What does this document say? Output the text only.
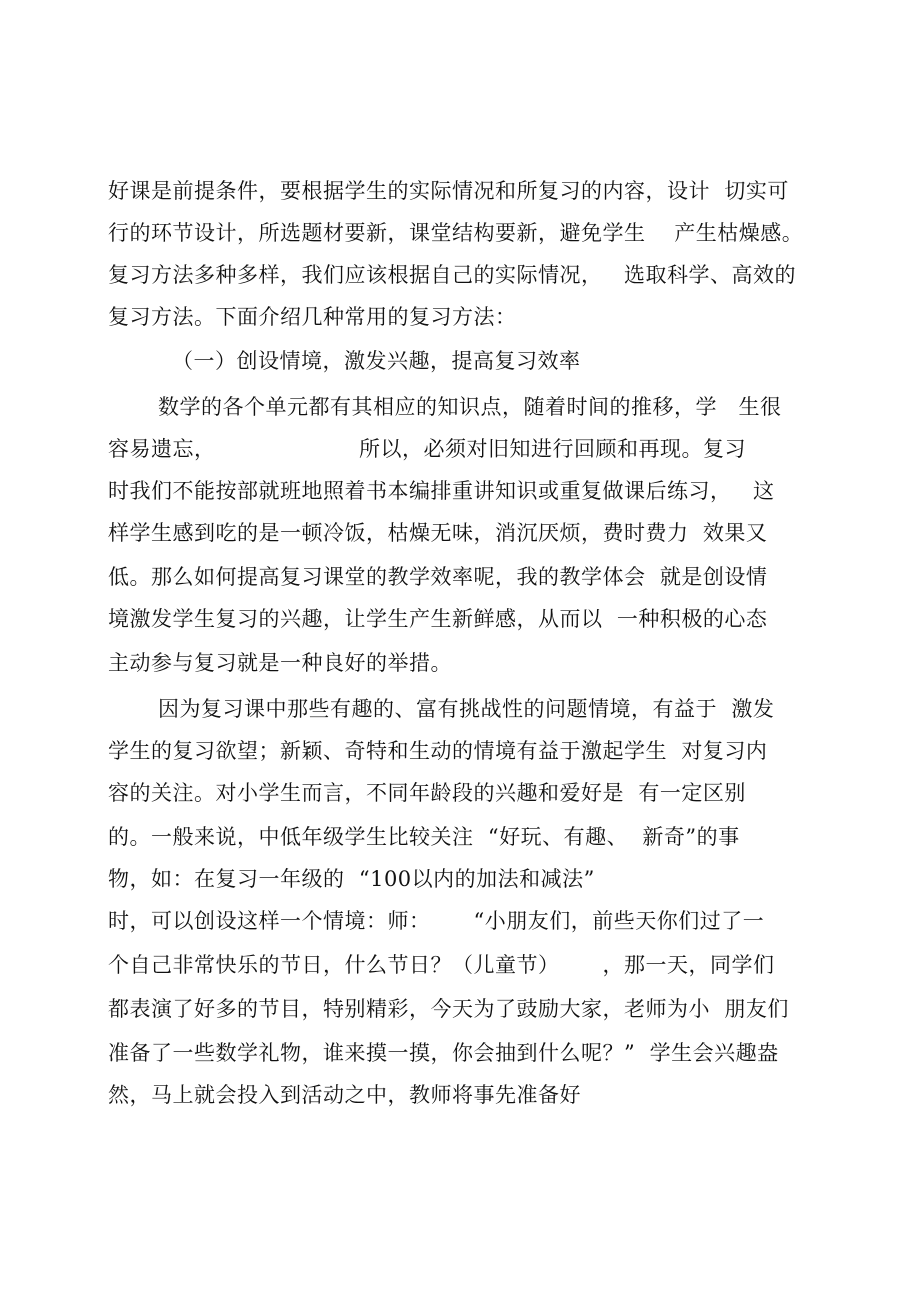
好课是前提条件，要根据学生的实际情况和所复习的内容，设计  切实可
行的环节设计，所选题材要新，课堂结构要新，避免学生    产生枯燥感。
复习方法多种多样，我们应该根据自己的实际情况，   选取科学、高效的
复习方法。下面介绍几种常用的复习方法：
（一）创设情境，激发兴趣，提高复习效率
数学的各个单元都有其相应的知识点，随着时间的推移，学   生很
容易遗忘，                    所以，必须对旧知进行回顾和再现。复习
时我们不能按部就班地照着书本编排重讲知识或重复做课后练习，   这
样学生感到吃的是一顿冷饭，枯燥无味，消沉厌烦，费时费力  效果又
低。那么如何提高复习课堂的教学效率呢，我的教学体会  就是创设情
境激发学生复习的兴趣，让学生产生新鲜感，从而以  一种积极的心态
主动参与复习就是一种良好的举措。
因为复习课中那些有趣的、富有挑战性的问题情境，有益于  激发
学生的复习欲望；新颖、奇特和生动的情境有益于激起学生  对复习内
容的关注。对小学生而言，不同年龄段的兴趣和爱好是  有一定区别
的。一般来说，中低年级学生比较关注  “好玩、有趣、  新奇”的事
物，如：在复习一年级的  “100以内的加法和减法”
时，可以创设这样一个情境：师：      “小朋友们，前些天你们过了一
个自己非常快乐的节日，什么节日？（儿童节）      ，那一天，同学们
都表演了好多的节目，特别精彩，今天为了豉励大家，老师为小  朋友们
准备了一些数学礼物，谁来摸一摸，你会抽到什么呢？”  学生会兴趣盎
然，马上就会投入到活动之中，教师将事先准备好
